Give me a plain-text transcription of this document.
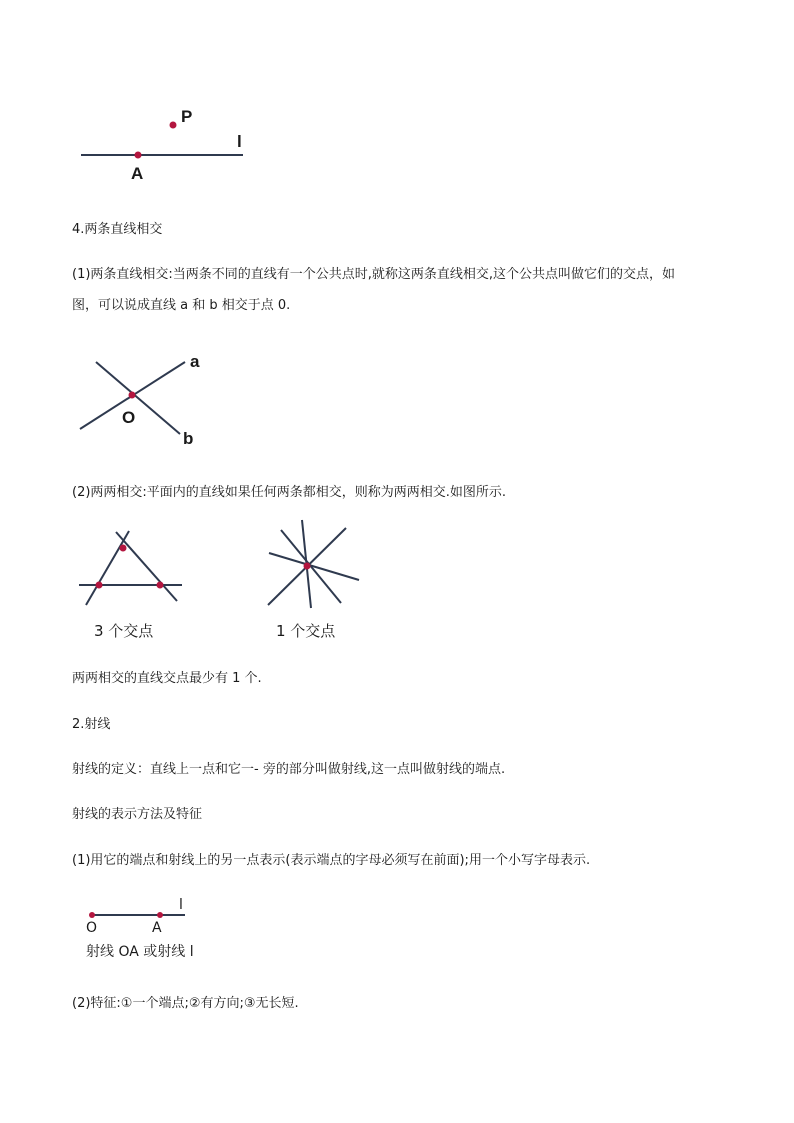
P
A
l
4.两条直线相交
(1)两条直线相交:当两条不同的直线有一个公共点时,就称这两条直线相交,这个公共点叫做它们的交点，如
图，可以说成直线 a 和 b 相交于点 0.
a
b
O
(2)两两相交:平面内的直线如果任何两条都相交，则称为两两相交.如图所示.
3 个交点	1 个交点
两两相交的直线交点最少有 1 个.
2.射线
射线的定义：直线上一点和它一- 旁的部分叫做射线,这一点叫做射线的端点.
射线的表示方法及特征
(1)用它的端点和射线上的另一点表示(表示端点的字母必须写在前面);用一个小写字母表示.
O	A
l
射线 OA 或射线 l
(2)特征:①一个端点;②有方向;③无长短.
